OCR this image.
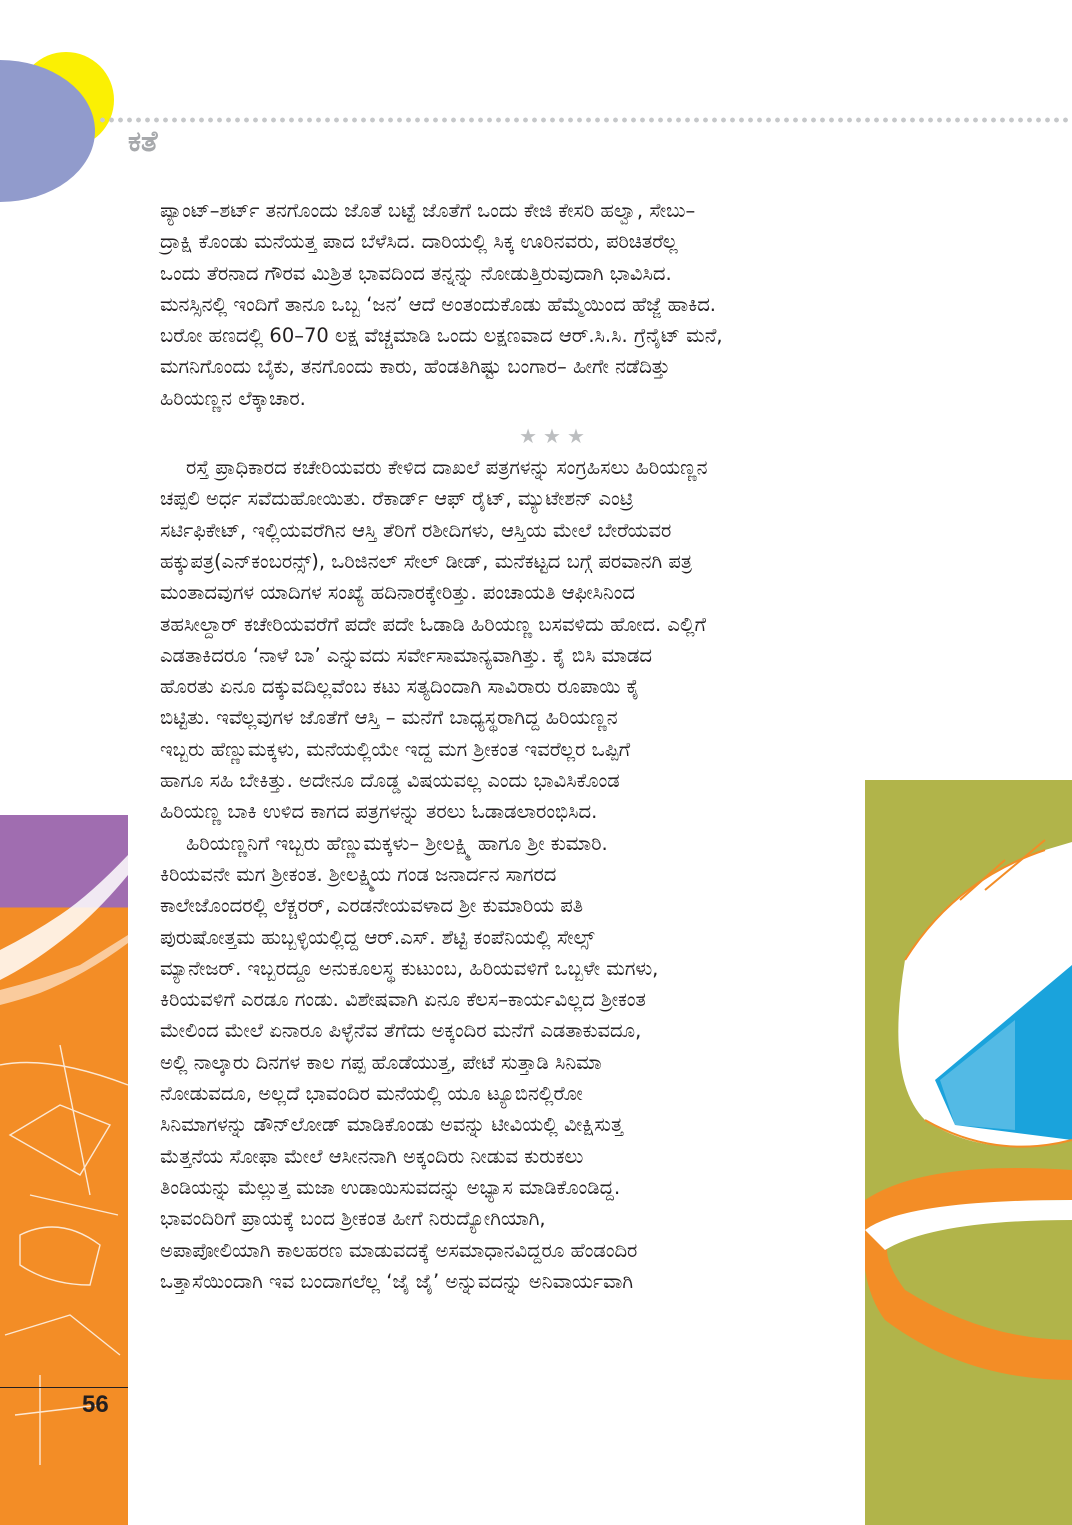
ಕತೆ

ಪ್ಯಾಂಟ್–ಶರ್ಟ್ ತನಗೊಂದು ಜೊತೆ ಬಟ್ಟೆ ಜೊತೆಗೆ ಒಂದು ಕೇಜಿ ಕೇಸರಿ ಹಲ್ವಾ, ಸೇಬು–
ದ್ರಾಕ್ಷಿ ಕೊಂಡು ಮನೆಯತ್ತ ಪಾದ ಬೆಳೆಸಿದ. ದಾರಿಯಲ್ಲಿ ಸಿಕ್ಕ ಊರಿನವರು, ಪರಿಚಿತರೆಲ್ಲ
ಒಂದು ತೆರನಾದ ಗೌರವ ಮಿಶ್ರಿತ ಭಾವದಿಂದ ತನ್ನನ್ನು ನೋಡುತ್ತಿರುವುದಾಗಿ ಭಾವಿಸಿದ.
ಮನಸ್ಸಿನಲ್ಲಿ ಇಂದಿಗೆ ತಾನೂ ಒಬ್ಬ ‘ಜನ’ ಆದೆ ಅಂತಂದುಕೊಡು ಹೆಮ್ಮೆಯಿಂದ ಹೆಜ್ಜೆ ಹಾಕಿದ.
ಬರೋ ಹಣದಲ್ಲಿ 60–70 ಲಕ್ಷ ವೆಚ್ಚಮಾಡಿ ಒಂದು ಲಕ್ಷಣವಾದ ಆರ್.ಸಿ.ಸಿ. ಗ್ರೆನೈಟ್ ಮನೆ,
ಮಗನಿಗೊಂದು ಬೈಕು, ತನಗೊಂದು ಕಾರು, ಹೆಂಡತಿಗಿಷ್ಟು ಬಂಗಾರ– ಹೀಗೇ ನಡೆದಿತ್ತು
ಹಿರಿಯಣ್ಣನ ಲೆಕ್ಕಾಚಾರ.

★★★

ರಸ್ತೆ ಪ್ರಾಧಿಕಾರದ ಕಚೇರಿಯವರು ಕೇಳಿದ ದಾಖಲೆ ಪತ್ರಗಳನ್ನು ಸಂಗ್ರಹಿಸಲು ಹಿರಿಯಣ್ಣನ
ಚಪ್ಪಲಿ ಅರ್ಧ ಸವೆದುಹೋಯಿತು. ರೆಕಾರ್ಡ್ ಆಫ್ ರೈಟ್, ಮ್ಯುಟೇಶನ್ ಎಂಟ್ರಿ
ಸರ್ಟಿಫಿಕೇಟ್, ಇಲ್ಲಿಯವರೆಗಿನ ಆಸ್ತಿ ತೆರಿಗೆ ರಶೀದಿಗಳು, ಆಸ್ತಿಯ ಮೇಲೆ ಬೇರೆಯವರ
ಹಕ್ಕುಪತ್ರ(ಎನ್‌ಕಂಬರನ್ಸ್), ಒರಿಜಿನಲ್ ಸೇಲ್ ಡೀಡ್, ಮನೆಕಟ್ಟದ ಬಗ್ಗೆ ಪರವಾನಗಿ ಪತ್ರ
ಮಂತಾದವುಗಳ ಯಾದಿಗಳ ಸಂಖ್ಯೆ ಹದಿನಾರಕ್ಕೇರಿತ್ತು. ಪಂಚಾಯತಿ ಆಫೀಸಿನಿಂದ
ತಹಸೀಲ್ದಾರ್ ಕಚೇರಿಯವರೆಗೆ ಪದೇ ಪದೇ ಓಡಾಡಿ ಹಿರಿಯಣ್ಣ ಬಸವಳಿದು ಹೋದ. ಎಲ್ಲಿಗೆ
ಎಡತಾಕಿದರೂ ‘ನಾಳೆ ಬಾ’ ಎನ್ನುವದು ಸರ್ವೇಸಾಮಾನ್ಯವಾಗಿತ್ತು. ಕೈ ಬಿಸಿ ಮಾಡದ
ಹೊರತು ಏನೂ ದಕ್ಕುವದಿಲ್ಲವೆಂಬ ಕಟು ಸತ್ಯದಿಂದಾಗಿ ಸಾವಿರಾರು ರೂಪಾಯಿ ಕೈ
ಬಿಟ್ಟಿತು. ಇವೆಲ್ಲವುಗಳ ಜೊತೆಗೆ ಆಸ್ತಿ – ಮನೆಗೆ ಬಾಧ್ಯಸ್ಥರಾಗಿದ್ದ ಹಿರಿಯಣ್ಣನ
ಇಬ್ಬರು ಹೆಣ್ಣುಮಕ್ಕಳು, ಮನೆಯಲ್ಲಿಯೇ ಇದ್ದ ಮಗ ಶ್ರೀಕಂತ ಇವರೆಲ್ಲರ ಒಪ್ಪಿಗೆ
ಹಾಗೂ ಸಹಿ ಬೇಕಿತ್ತು. ಅದೇನೂ ದೊಡ್ಡ ವಿಷಯವಲ್ಲ ಎಂದು ಭಾವಿಸಿಕೊಂಡ
ಹಿರಿಯಣ್ಣ ಬಾಕಿ ಉಳಿದ ಕಾಗದ ಪತ್ರಗಳನ್ನು ತರಲು ಓಡಾಡಲಾರಂಭಿಸಿದ.

ಹಿರಿಯಣ್ಣನಿಗೆ ಇಬ್ಬರು ಹೆಣ್ಣುಮಕ್ಕಳು– ಶ್ರೀಲಕ್ಷ್ಮಿ ಹಾಗೂ ಶ್ರೀ ಕುಮಾರಿ.
ಕಿರಿಯವನೇ ಮಗ ಶ್ರೀಕಂತ. ಶ್ರೀಲಕ್ಷ್ಮಿಯ ಗಂಡ ಜನಾರ್ದನ ಸಾಗರದ
ಕಾಲೇಜೊಂದರಲ್ಲಿ ಲೆಕ್ಚರರ್, ಎರಡನೇಯವಳಾದ ಶ್ರೀ ಕುಮಾರಿಯ ಪತಿ
ಪುರುಷೋತ್ತಮ ಹುಬ್ಬಳ್ಳಿಯಲ್ಲಿದ್ದ ಆರ್.ಎಸ್. ಶೆಟ್ಟಿ ಕಂಪೆನಿಯಲ್ಲಿ ಸೇಲ್ಸ್
ಮ್ಯಾನೇಜರ್. ಇಬ್ಬರದ್ದೂ ಅನುಕೂಲಸ್ಥ ಕುಟುಂಬ, ಹಿರಿಯವಳಿಗೆ ಒಬ್ಬಳೇ ಮಗಳು,
ಕಿರಿಯವಳಿಗೆ ಎರಡೂ ಗಂಡು. ವಿಶೇಷವಾಗಿ ಏನೂ ಕೆಲಸ–ಕಾರ್ಯವಿಲ್ಲದ ಶ್ರೀಕಂತ
ಮೇಲಿಂದ ಮೇಲೆ ಏನಾರೂ ಪಿಳ್ಳೆನೆವ ತೆಗೆದು ಅಕ್ಕಂದಿರ ಮನೆಗೆ ಎಡತಾಕುವದೂ,
ಅಲ್ಲಿ ನಾಲ್ಕಾರು ದಿನಗಳ ಕಾಲ ಗಪ್ಪ ಹೊಡೆಯುತ್ತ, ಪೇಟೆ ಸುತ್ತಾಡಿ ಸಿನಿಮಾ
ನೋಡುವದೂ, ಅಲ್ಲದೆ ಭಾವಂದಿರ ಮನೆಯಲ್ಲಿ ಯೂ ಟ್ಯೂಬಿನಲ್ಲಿರೋ
ಸಿನಿಮಾಗಳನ್ನು ಡೌನ್‌ಲೋಡ್ ಮಾಡಿಕೊಂಡು ಅವನ್ನು ಟೀವಿಯಲ್ಲಿ ವೀಕ್ಷಿಸುತ್ತ
ಮೆತ್ತನೆಯ ಸೋಫಾ ಮೇಲೆ ಆಸೀನನಾಗಿ ಅಕ್ಕಂದಿರು ನೀಡುವ ಕುರುಕಲು
ತಿಂಡಿಯನ್ನು ಮೆಲ್ಲುತ್ತ ಮಜಾ ಉಡಾಯಿಸುವದನ್ನು ಅಭ್ಯಾಸ ಮಾಡಿಕೊಂಡಿದ್ದ.
ಭಾವಂದಿರಿಗೆ ಪ್ರಾಯಕ್ಕೆ ಬಂದ ಶ್ರೀಕಂತ ಹೀಗೆ ನಿರುದ್ಯೋಗಿಯಾಗಿ,
ಅಪಾಪೋಲಿಯಾಗಿ ಕಾಲಹರಣ ಮಾಡುವದಕ್ಕೆ ಅಸಮಾಧಾನವಿದ್ದರೂ ಹೆಂಡಂದಿರ
ಒತ್ತಾಸೆಯಿಂದಾಗಿ ಇವ ಬಂದಾಗಲೆಲ್ಲ ‘ಜೈ ಜೈ’ ಅನ್ನುವದನ್ನು ಅನಿವಾರ್ಯವಾಗಿ

56
